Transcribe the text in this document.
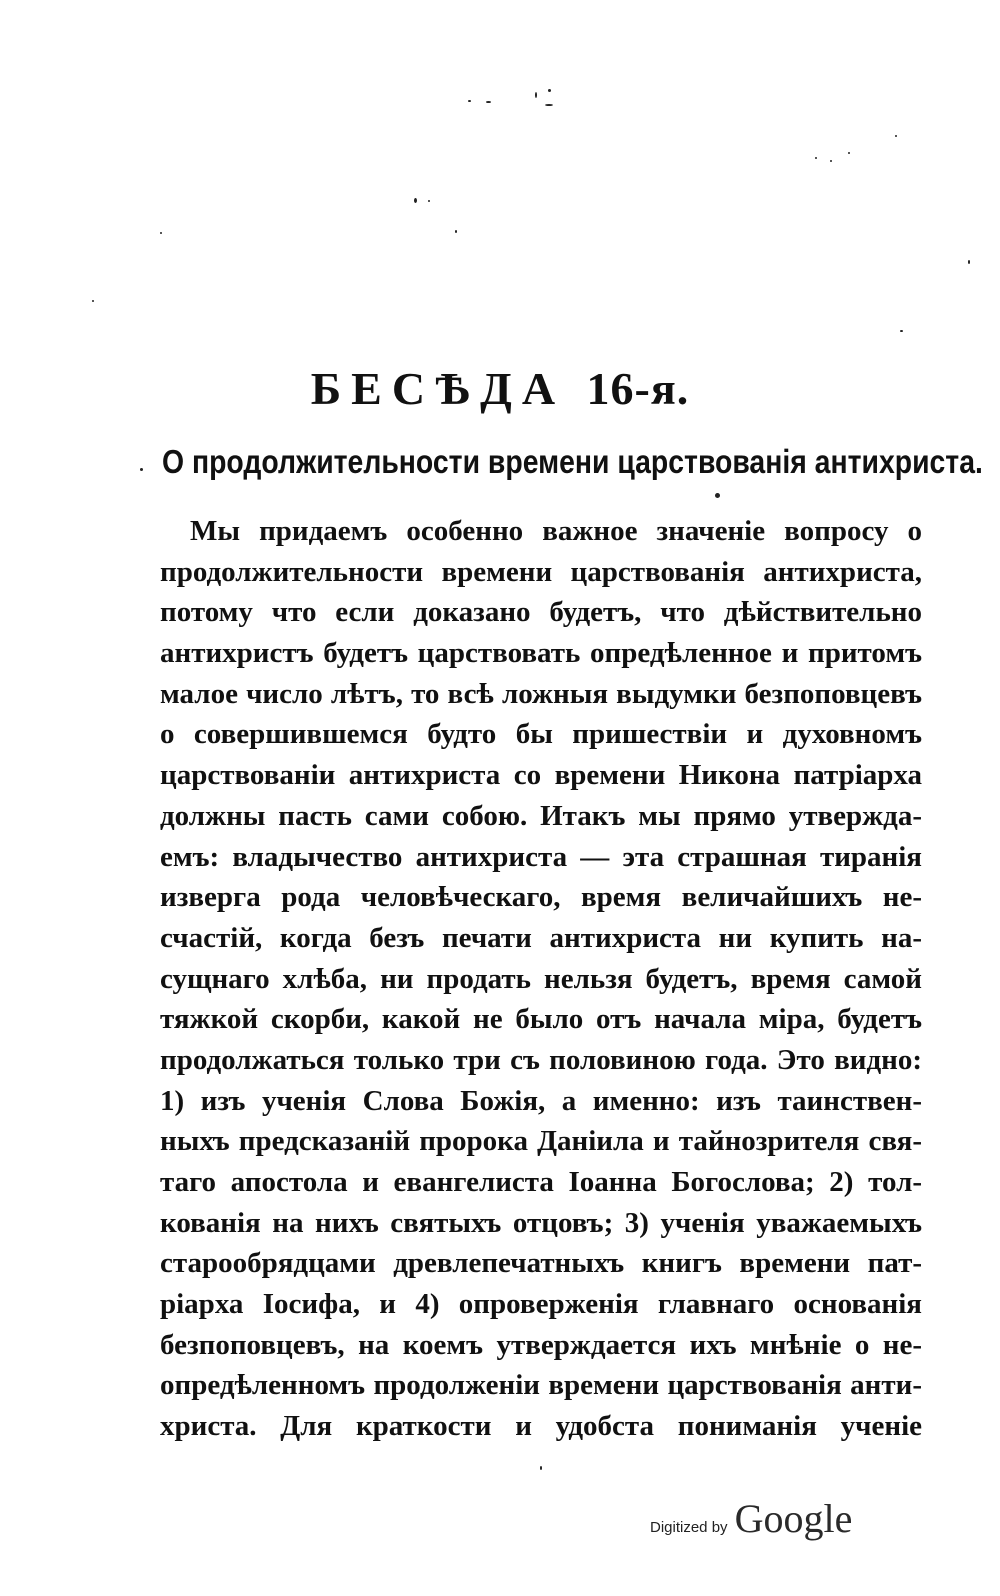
БЕСѢДА 16-я.
О продолжительности времени царствованія антихриста.
Мы придаемъ особенно важное значеніе вопросу о
продолжительности времени царствованія антихриста,
потому что если доказано будетъ, что дѣйствительно
антихристъ будетъ царствовать опредѣленное и притомъ
малое число лѣтъ, то всѣ ложныя выдумки безпоповцевъ
о совершившемся будто бы пришествіи и духовномъ
царствованіи антихриста со времени Никона патріарха
должны пасть сами собою. Итакъ мы прямо утвержда-
емъ: владычество антихриста — эта страшная тиранія
изверга рода человѣческаго, время величайшихъ не-
счастій, когда безъ печати антихриста ни купить на-
сущнаго хлѣба, ни продать нельзя будетъ, время самой
тяжкой скорби, какой не было отъ начала міра, будетъ
продолжаться только три съ половиною года. Это видно:
1) изъ ученія Слова Божія, а именно: изъ таинствен-
ныхъ предсказаній пророка Даніила и тайнозрителя свя-
таго апостола и евангелиста Іоанна Богослова; 2) тол-
кованія на нихъ святыхъ отцовъ; 3) ученія уважаемыхъ
старообрядцами древлепечатныхъ книгъ времени пат-
ріарха Іосифа, и 4) опроверженія главнаго основанія
безпоповцевъ, на коемъ утверждается ихъ мнѣніе о не-
опредѣленномъ продолженіи времени царствованія анти-
христа. Для краткости и удобста пониманія ученіе
Digitized by Google
